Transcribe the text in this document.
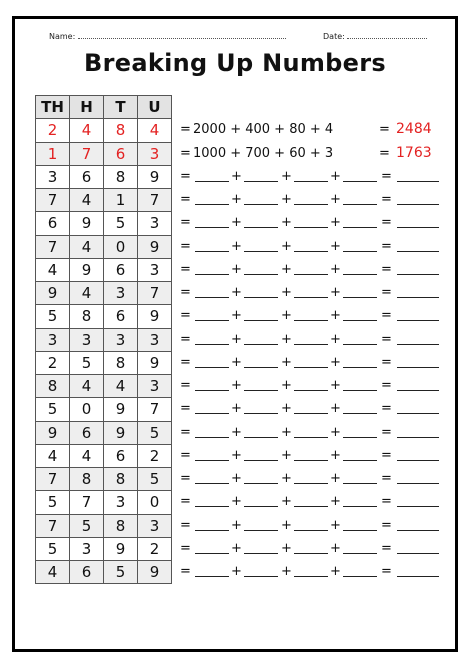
Name:	Date:
Breaking Up Numbers
TH	H	T	U
2	4	8	4
1	7	6	3
3	6	8	9
7	4	1	7
6	9	5	3
7	4	0	9
4	9	6	3
9	4	3	7
5	8	6	9
3	3	3	3
2	5	8	9
8	4	4	3
5	0	9	7
9	6	9	5
4	4	6	2
7	8	8	5
5	7	3	0
7	5	8	3
5	3	9	2
4	6	5	9
= 2000 + 400 + 80 + 4	= 2484
= 1000 + 700 + 60 + 3	= 1763
=	+	+	+	=
=	+	+	+	=
=	+	+	+	=
=	+	+	+	=
=	+	+	+	=
=	+	+	+	=
=	+	+	+	=
=	+	+	+	=
=	+	+	+	=
=	+	+	+	=
=	+	+	+	=
=	+	+	+	=
=	+	+	+	=
=	+	+	+	=
=	+	+	+	=
=	+	+	+	=
=	+	+	+	=
=	+	+	+	=
